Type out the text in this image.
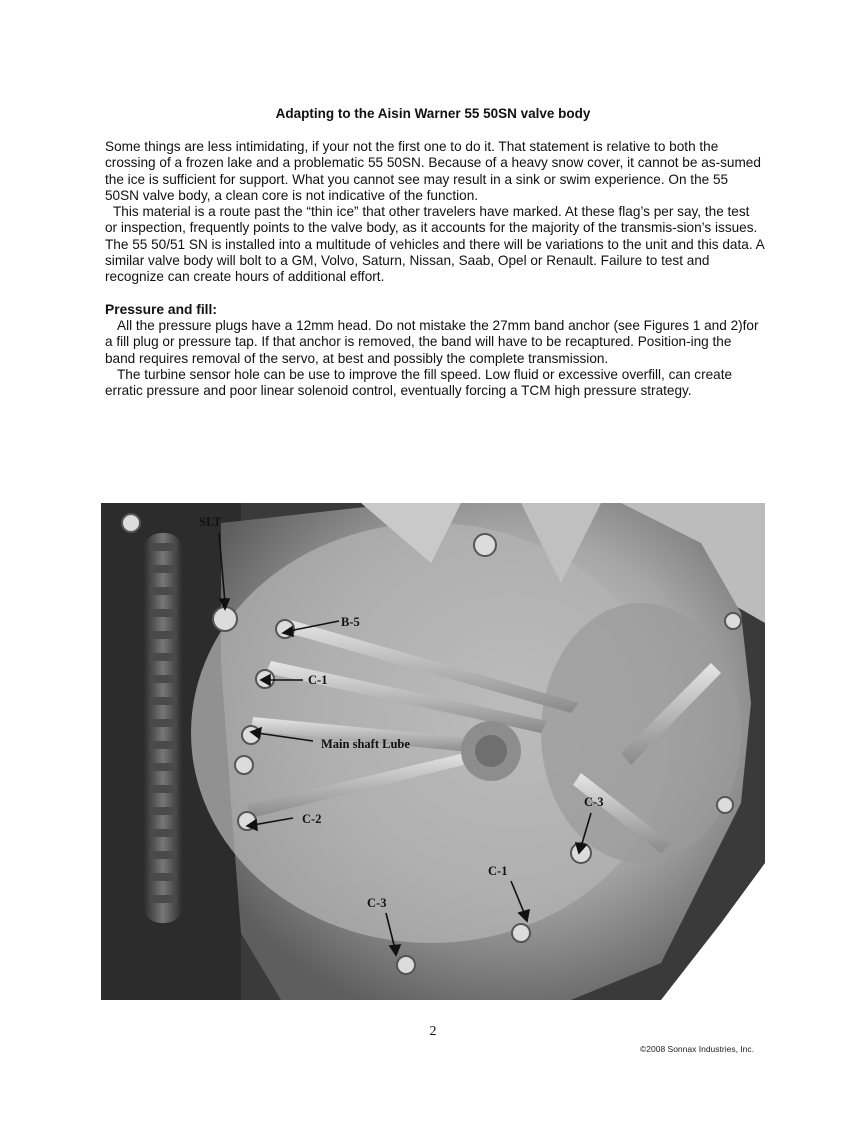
Adapting to the Aisin Warner 55 50SN valve body

Some things are less intimidating, if your not the first one to do it. That statement is relative to both the crossing of a frozen lake and a problematic 55 50SN. Because of a heavy snow cover, it cannot be as-sumed the ice is sufficient for support. What you cannot see may result in a sink or swim experience. On the 55 50SN valve body, a clean core is not indicative of the function.

This material is a route past the “thin ice” that other travelers have marked. At these flag’s per say, the test or inspection, frequently points to the valve body, as it accounts for the majority of the transmis-sion’s issues. The 55 50/51 SN is installed into a multitude of vehicles and there will be variations to the unit and this data. A similar valve body will bolt to a GM, Volvo, Saturn, Nissan, Saab, Opel or Renault. Failure to test and recognize can create hours of additional effort.

Pressure and fill:

All the pressure plugs have a 12mm head. Do not mistake the 27mm band anchor (see Figures 1 and 2)for a fill plug or pressure tap. If that anchor is removed, the band will have to be recaptured. Position-ing the band requires removal of the servo, at best and possibly the complete transmission.

The turbine sensor hole can be use to improve the fill speed. Low fluid or excessive overfill, can create erratic pressure and poor linear solenoid control, eventually forcing a TCM high pressure strategy.

SLT
B-5
C-1
Main shaft Lube
C-2
C-3
C-1
C-3
2
©2008 Sonnax Industries, Inc.
